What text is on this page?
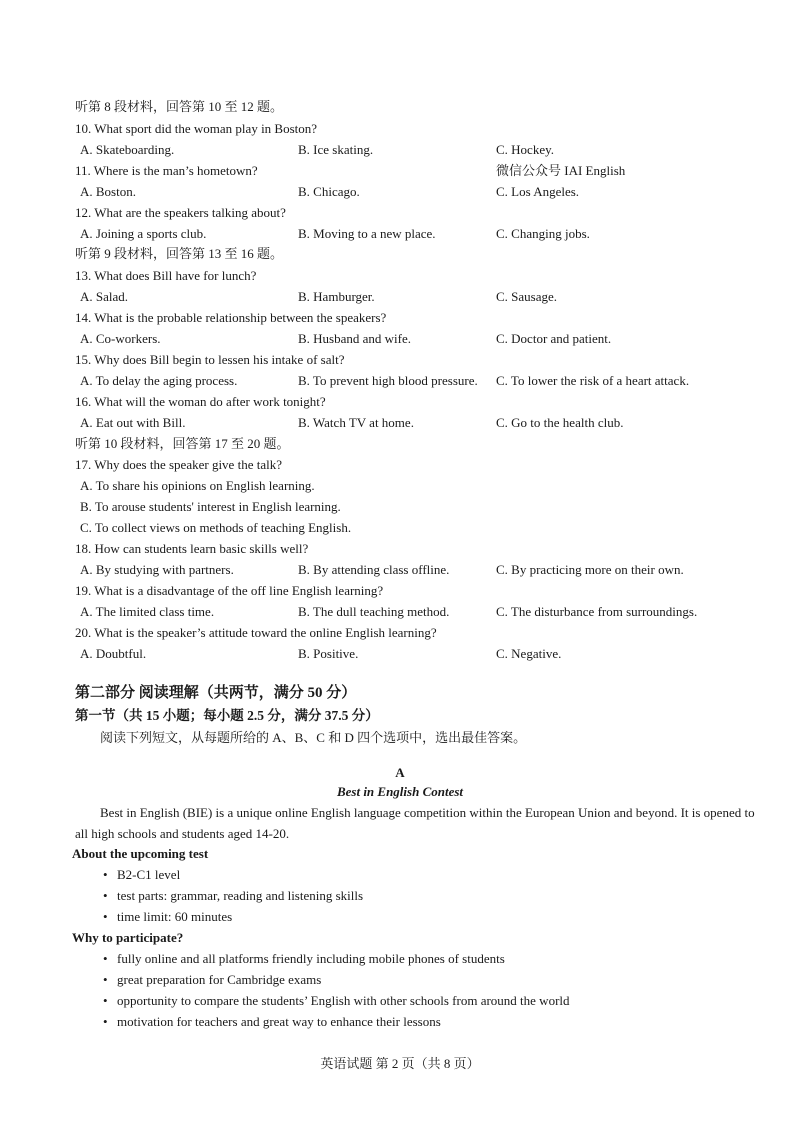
听第 8 段材料，回答第 10 至 12 题。
10. What sport did the woman play in Boston?
A. Skateboarding.	B. Ice skating.	C. Hockey.
11. Where is the man’s hometown?	微信公众号 IAI English
A. Boston.	B. Chicago.	C. Los Angeles.
12. What are the speakers talking about?
A. Joining a sports club.	B. Moving to a new place.	C. Changing jobs.
听第 9 段材料，回答第 13 至 16 题。
13. What does Bill have for lunch?
A. Salad.	B. Hamburger.	C. Sausage.
14. What is the probable relationship between the speakers?
A. Co-workers.	B. Husband and wife.	C. Doctor and patient.
15. Why does Bill begin to lessen his intake of salt?
A. To delay the aging process.	B. To prevent high blood pressure. C. To lower the risk of a heart attack.
16. What will the woman do after work tonight?
A. Eat out with Bill.	B. Watch TV at home.	C. Go to the health club.
听第 10 段材料，回答第 17 至 20 题。
17. Why does the speaker give the talk?
A. To share his opinions on English learning.
B. To arouse students' interest in English learning.
C. To collect views on methods of teaching English.
18. How can students learn basic skills well?
A. By studying with partners.	B. By attending class offline.	C. By practicing more on their own.
19. What is a disadvantage of the off line English learning?
A. The limited class time.	B. The dull teaching method.	C. The disturbance from surroundings.
20. What is the speaker’s attitude toward the online English learning?
A. Doubtful.	B. Positive.	C. Negative.
第二部分 阅读理解（共两节，满分 50 分）
第一节（共 15 小题；每小题 2.5 分，满分 37.5 分）
阅读下列短文，从每题所给的 A、B、C 和 D 四个选项中，选出最佳答案。
A
Best in English Contest
Best in English (BIE) is a unique online English language competition within the European Union and beyond. It is opened to all high schools and students aged 14-20.
About the upcoming test
• B2-C1 level
• test parts: grammar, reading and listening skills
• time limit: 60 minutes
Why to participate?
• fully online and all platforms friendly including mobile phones of students
• great preparation for Cambridge exams
• opportunity to compare the students’ English with other schools from around the world
• motivation for teachers and great way to enhance their lessons
英语试题 第 2 页（共 8 页）
